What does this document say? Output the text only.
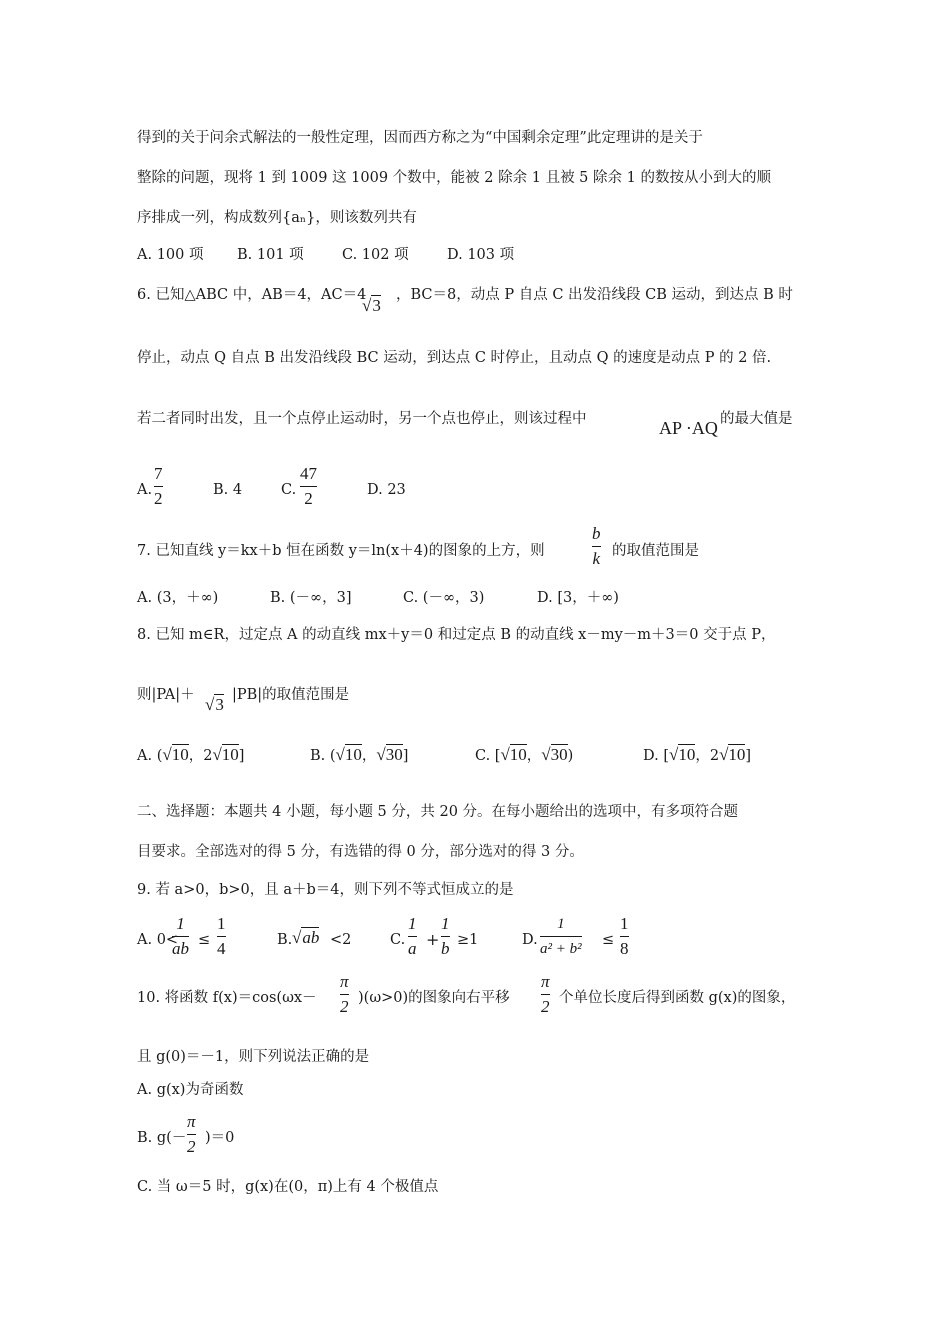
得到的关于问余式解法的一般性定理，因而西方称之为“中国剩余定理”此定理讲的是关于
整除的问题，现将 1 到 1009 这 1009 个数中，能被 2 除余 1 且被 5 除余 1 的数按从小到大的顺
序排成一列，构成数列{aₙ}，则该数列共有
A. 100 项 B. 101 项	C. 102 项	D. 103 项
6. 已知△ABC 中，AB＝4，AC＝4
√3
，BC＝8，动点 P 自点 C 出发沿线段 CB 运动，到达点 B 时
停止，动点 Q 自点 B 出发沿线段 BC 运动，到达点 C 时停止，且动点 Q 的速度是动点 P 的 2 倍.
若二者同时出发，且一个点停止运动时，另一个点也停止，则该过程中	AP ·AQ 的最大值是
A.
7
2	B. 4	C.
47
2	D. 23
7. 已知直线 y＝kx＋b 恒在函数 y＝ln(x＋4)的图象的上方，则
b
k 的取值范围是
A. (3，＋∞)	B. (－∞，3]	C. (－∞，3)	D. [3，＋∞)
8. 已知 m∈R，过定点 A 的动直线 mx＋y＝0 和过定点 B 的动直线 x－my－m＋3＝0 交于点 P，
则|PA|＋ √3 |PB|的取值范围是
A. (√10，2√10]	B. (√10，√30]	C. [√10，√30)	D. [√10，2√10]
二、选择题：本题共 4 小题，每小题 5 分，共 20 分。在每小题给出的选项中，有多项符合题
目要求。全部选对的得 5 分，有选错的得 0 分，部分选对的得 3 分。
9. 若 a>0，b>0，且 a＋b＝4，则下列不等式恒成立的是
A. 0<
1
ab ≤
1
4	B. √ab <2	C.
1
a +
1
b ≥1	D.
1
a² + b²
≤
1
8
10. 将函数 f(x)＝cos(ωx－
π
2 )(ω>0)的图象向右平移
π
2 个单位长度后得到函数 g(x)的图象，
且 g(0)＝－1，则下列说法正确的是
A. g(x)为奇函数
B. g(－
π
2 )＝0
C. 当 ω＝5 时，g(x)在(0，π)上有 4 个极值点
